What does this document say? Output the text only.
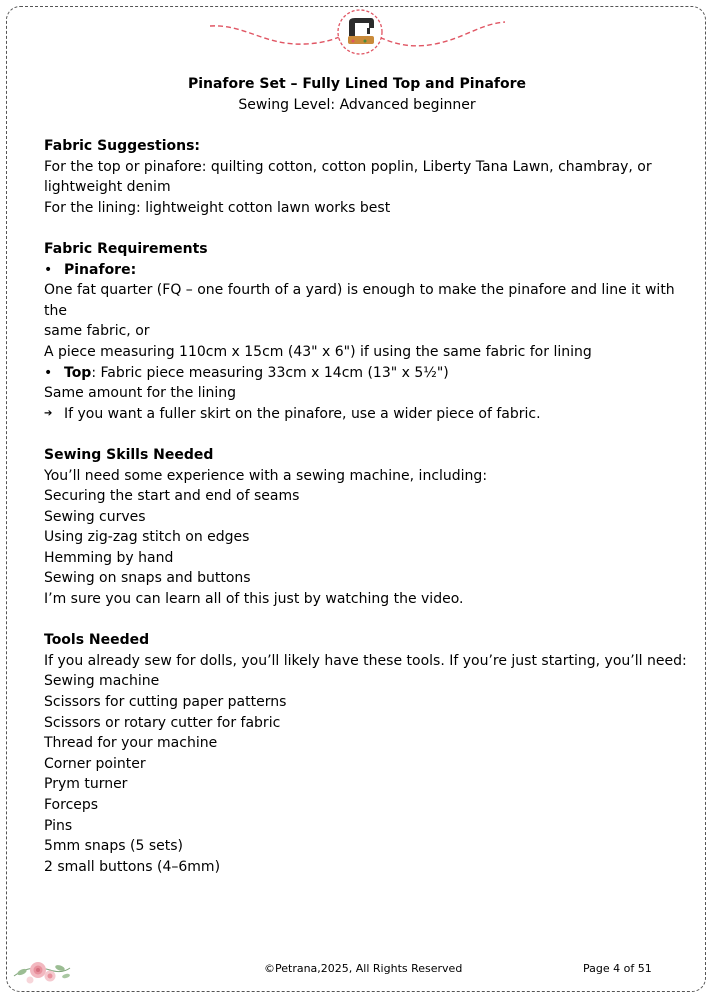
Pinafore Set – Fully Lined Top and Pinafore
Sewing Level: Advanced beginner

Fabric Suggestions:

For the top or pinafore: quilting cotton, cotton poplin, Liberty Tana Lawn, chambray, or

lightweight denim

For the lining: lightweight cotton lawn works best

Fabric Requirements

• Pinafore:

One fat quarter (FQ – one fourth of a yard) is enough to make the pinafore and line it with the

same fabric, or

A piece measuring 110cm x 15cm (43" x 6") if using the same fabric for lining

• Top: Fabric piece measuring 33cm x 14cm (13" x 5½")

Same amount for the lining

➔ If you want a fuller skirt on the pinafore, use a wider piece of fabric.

Sewing Skills Needed

You’ll need some experience with a sewing machine, including:

Securing the start and end of seams

Sewing curves

Using zig-zag stitch on edges

Hemming by hand

Sewing on snaps and buttons

I’m sure you can learn all of this just by watching the video.

Tools Needed

If you already sew for dolls, you’ll likely have these tools. If you’re just starting, you’ll need:

Sewing machine

Scissors for cutting paper patterns

Scissors or rotary cutter for fabric

Thread for your machine

Corner pointer

Prym turner

Forceps

Pins

5mm snaps (5 sets)

2 small buttons (4–6mm)

©Petrana,2025, All Rights Reserved	Page 4 of 51
